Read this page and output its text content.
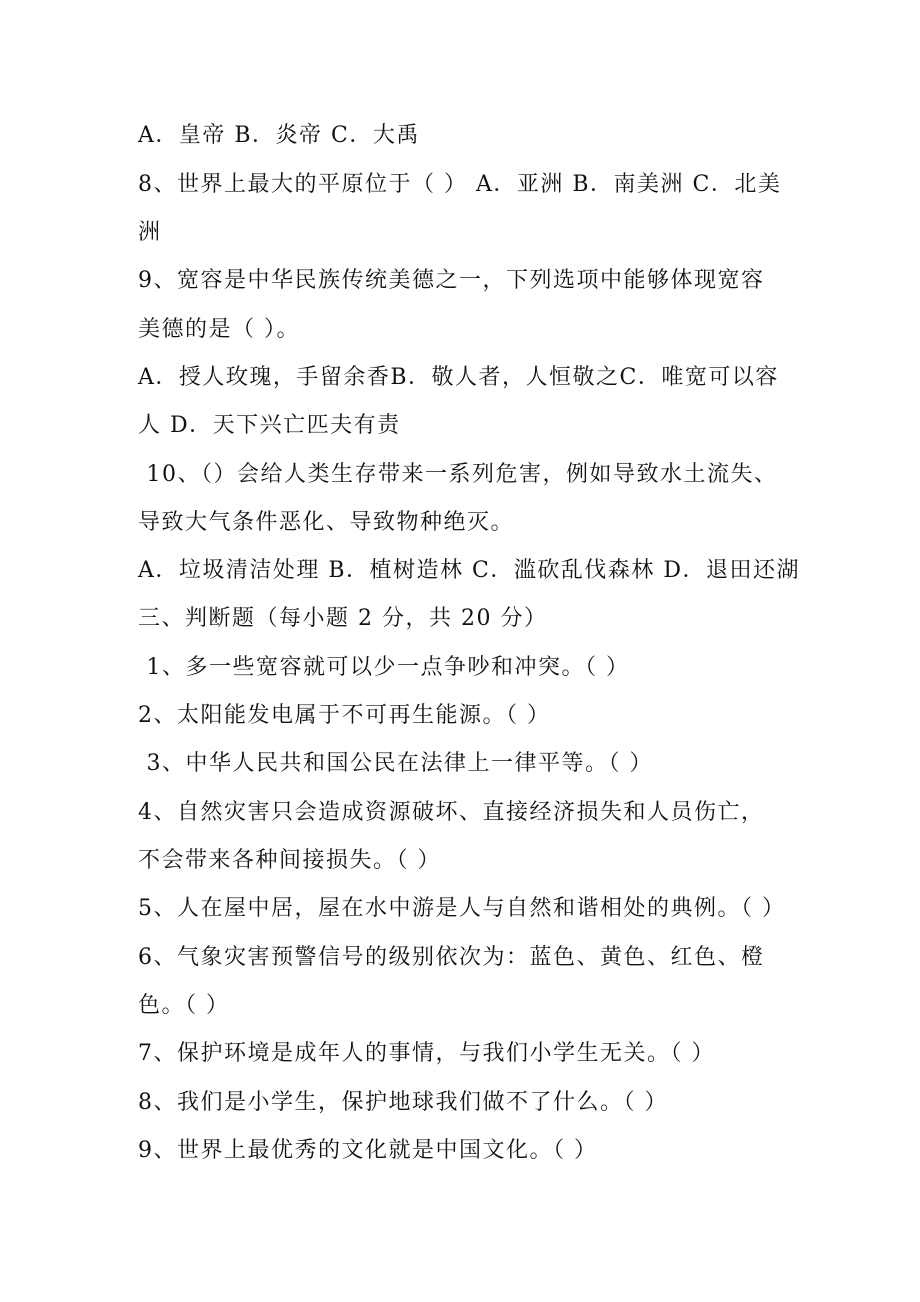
A．皇帝 B．炎帝 C．大禹
8、世界上最大的平原位于（ ） A．亚洲 B．南美洲 C．北美
洲
9、宽容是中华民族传统美德之一，下列选项中能够体现宽容
美德的是（ ）。
A．授人玫瑰，手留余香B．敬人者，人恒敬之C．唯宽可以容
人 D．天下兴亡匹夫有责
10、（）会给人类生存带来一系列危害，例如导致水土流失、
导致大气条件恶化、导致物种绝灭。
A．垃圾清洁处理 B．植树造林 C．滥砍乱伐森林 D．退田还湖
三、判断题（每小题 2 分，共 20 分）
1、多一些宽容就可以少一点争吵和冲突。（ ）
2、太阳能发电属于不可再生能源。（ ）
3、中华人民共和国公民在法律上一律平等。（ ）
4、自然灾害只会造成资源破坏、直接经济损失和人员伤亡，
不会带来各种间接损失。（ ）
5、人在屋中居，屋在水中游是人与自然和谐相处的典例。（ ）
6、气象灾害预警信号的级别依次为：蓝色、黄色、红色、橙
色。（ ）
7、保护环境是成年人的事情，与我们小学生无关。（ ）
8、我们是小学生，保护地球我们做不了什么。（ ）
9、世界上最优秀的文化就是中国文化。（ ）
